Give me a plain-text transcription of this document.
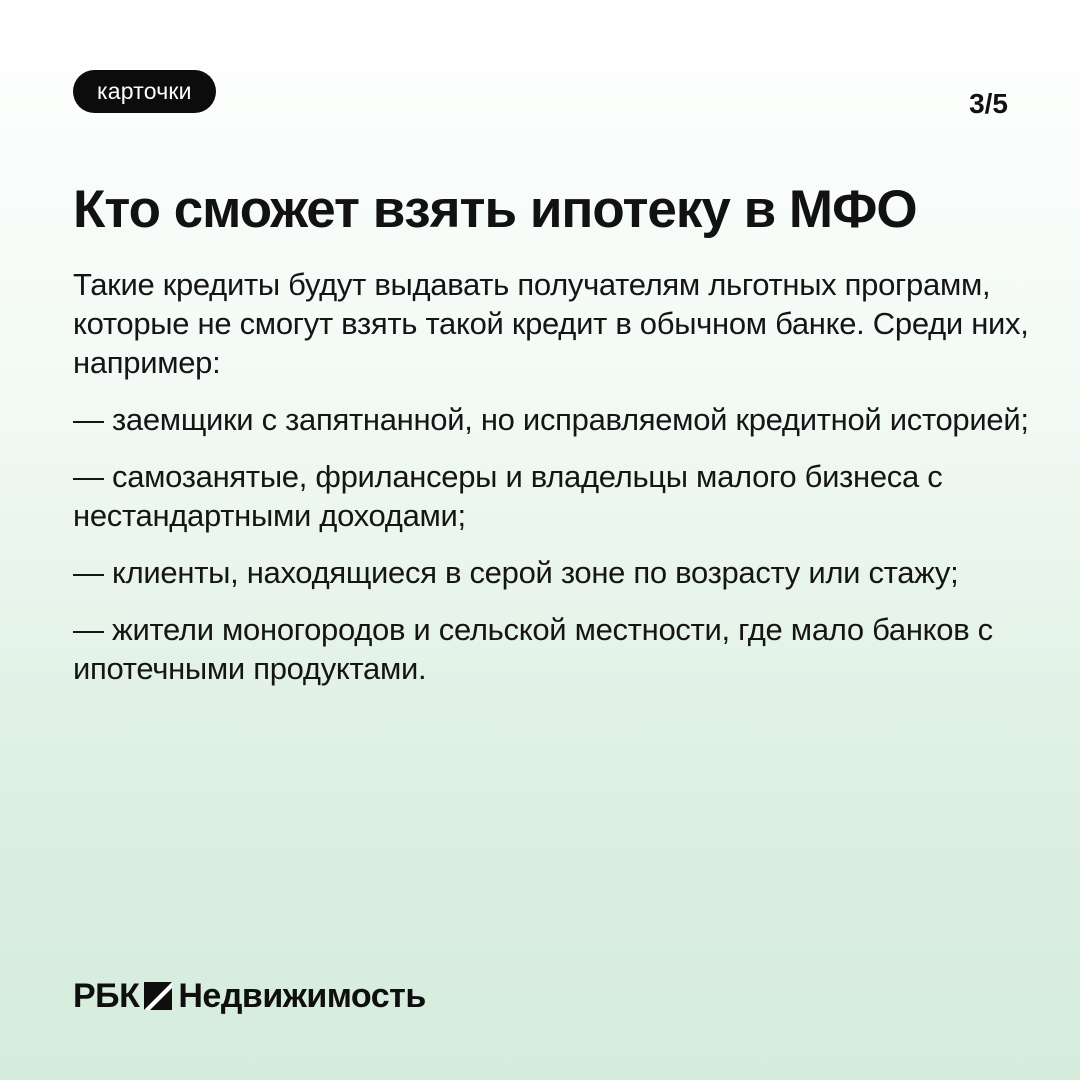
карточки	3/5
Кто сможет взять ипотеку в МФО

Такие кредиты будут выдавать получателям льготных программ, которые не смогут взять такой кредит в обычном банке. Среди них, например:

— заемщики с запятнанной, но исправляемой кредитной историей;

— самозанятые, фрилансеры и владельцы малого бизнеса с нестандартными доходами;

— клиенты, находящиеся в серой зоне по возрасту или стажу;

— жители моногородов и сельской местности, где мало банков с ипотечными продуктами.

РБК Недвижимость
